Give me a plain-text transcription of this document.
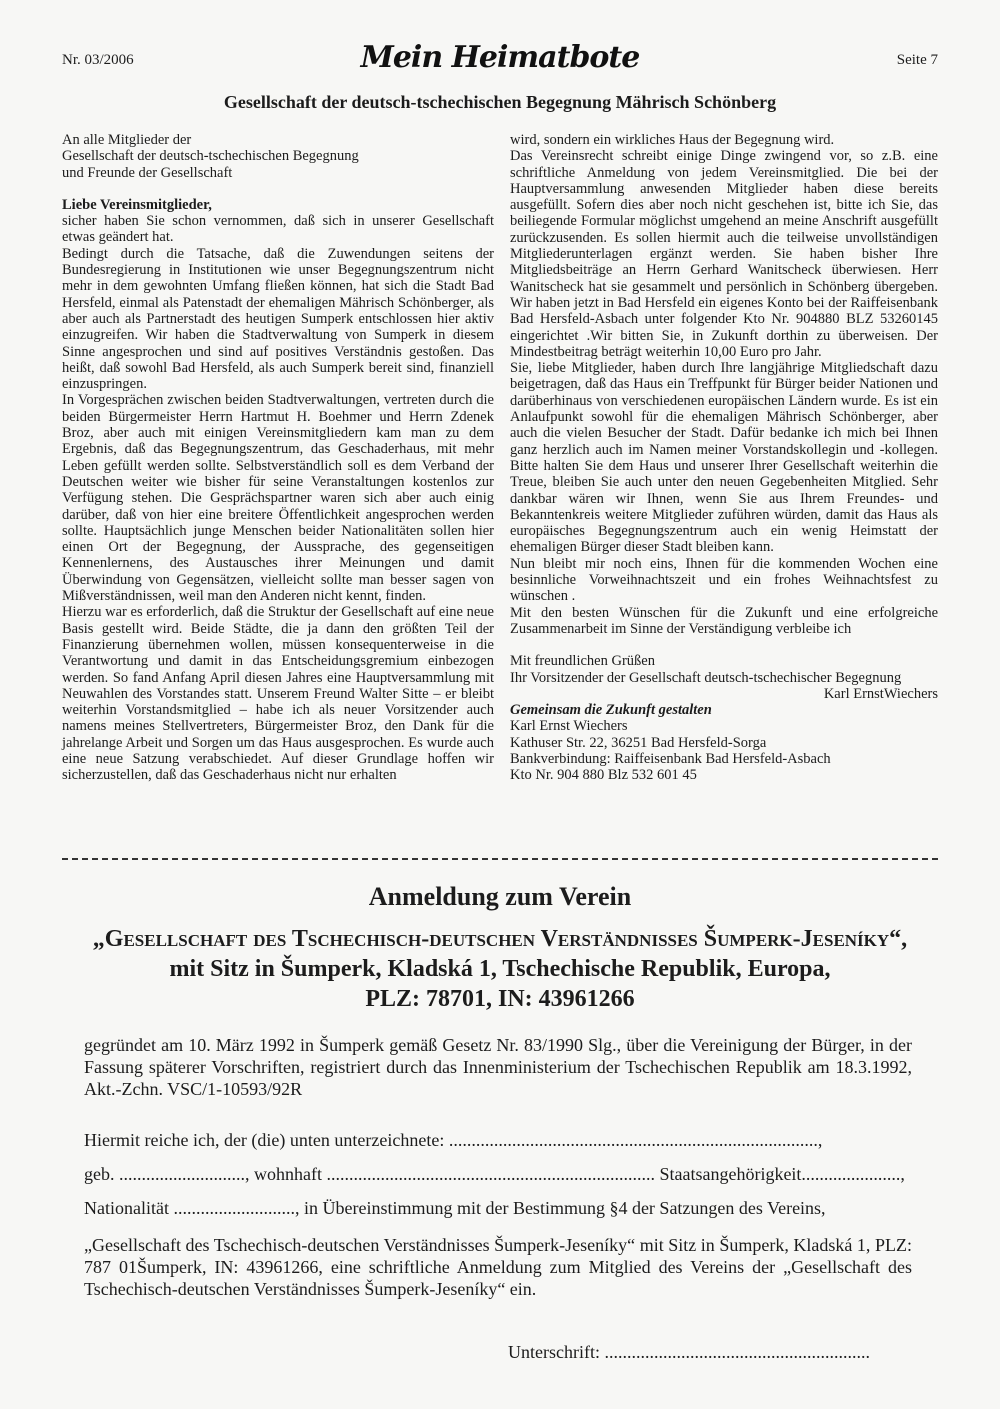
Nr. 03/2006	Mein Heimatbote	Seite 7
Gesellschaft der deutsch-tschechischen Begegnung Mährisch Schönberg

An alle Mitglieder der

Gesellschaft der deutsch-tschechischen Begegnung

und Freunde der Gesellschaft

Liebe Vereinsmitglieder,

sicher haben Sie schon vernommen, daß sich in unserer Gesellschaft etwas geändert hat.

Bedingt durch die Tatsache, daß die Zuwendungen seitens der Bundesregierung in Institutionen wie unser Begegnungszentrum nicht mehr in dem gewohnten Umfang fließen können, hat sich die Stadt Bad Hersfeld, einmal als Patenstadt der ehemaligen Mährisch Schönberger, als aber auch als Partnerstadt des heutigen Sumperk entschlossen hier aktiv einzugreifen. Wir haben die Stadtverwaltung von Sumperk in diesem Sinne angesprochen und sind auf positives Verständnis gestoßen. Das heißt, daß sowohl Bad Hersfeld, als auch Sumperk bereit sind, finanziell einzuspringen.

In Vorgesprächen zwischen beiden Stadtverwaltungen, vertreten durch die beiden Bürgermeister Herrn Hartmut H. Boehmer und Herrn Zdenek Broz, aber auch mit einigen Vereinsmitgliedern kam man zu dem Ergebnis, daß das Begegnungszentrum, das Geschaderhaus, mit mehr Leben gefüllt werden sollte. Selbstverständlich soll es dem Verband der Deutschen weiter wie bisher für seine Veranstaltungen kostenlos zur Verfügung stehen. Die Gesprächspartner waren sich aber auch einig darüber, daß von hier eine breitere Öffentlichkeit angesprochen werden sollte. Hauptsächlich junge Menschen beider Nationalitäten sollen hier einen Ort der Begegnung, der Aussprache, des gegenseitigen Kennenlernens, des Austausches ihrer Meinungen und damit Überwindung von Gegensätzen, vielleicht sollte man besser sagen von Mißverständnissen, weil man den Anderen nicht kennt, finden.

Hierzu war es erforderlich, daß die Struktur der Gesellschaft auf eine neue Basis gestellt wird. Beide Städte, die ja dann den größten Teil der Finanzierung übernehmen wollen, müssen konsequenterweise in die Verantwortung und damit in das Entscheidungsgremium einbezogen werden. So fand Anfang April diesen Jahres eine Hauptversammlung mit Neuwahlen des Vorstandes statt. Unserem Freund Walter Sitte – er bleibt weiterhin Vorstandsmitglied – habe ich als neuer Vorsitzender auch namens meines Stellvertreters, Bürgermeister Broz, den Dank für die jahrelange Arbeit und Sorgen um das Haus ausgesprochen. Es wurde auch eine neue Satzung verabschiedet. Auf dieser Grundlage hoffen wir sicherzustellen, daß das Geschaderhaus nicht nur erhalten

wird, sondern ein wirkliches Haus der Begegnung wird.

Das Vereinsrecht schreibt einige Dinge zwingend vor, so z.B. eine schriftliche Anmeldung von jedem Vereinsmitglied. Die bei der Hauptversammlung anwesenden Mitglieder haben diese bereits ausgefüllt. Sofern dies aber noch nicht geschehen ist, bitte ich Sie, das beiliegende Formular möglichst umgehend an meine Anschrift ausgefüllt zurückzusenden. Es sollen hiermit auch die teilweise unvollständigen Mitgliederunterlagen ergänzt werden. Sie haben bisher Ihre Mitgliedsbeiträge an Herrn Gerhard Wanitscheck überwiesen. Herr Wanitscheck hat sie gesammelt und persönlich in Schönberg übergeben. Wir haben jetzt in Bad Hersfeld ein eigenes Konto bei der Raiffeisenbank Bad Hersfeld-Asbach unter folgender Kto Nr. 904880 BLZ 53260145 eingerichtet .Wir bitten Sie, in Zukunft dorthin zu überweisen. Der Mindestbeitrag beträgt weiterhin 10,00 Euro pro Jahr.

Sie, liebe Mitglieder, haben durch Ihre langjährige Mitgliedschaft dazu beigetragen, daß das Haus ein Treffpunkt für Bürger beider Nationen und darüberhinaus von verschiedenen europäischen Ländern wurde. Es ist ein Anlaufpunkt sowohl für die ehemaligen Mährisch Schönberger, aber auch die vielen Besucher der Stadt. Dafür bedanke ich mich bei Ihnen ganz herzlich auch im Namen meiner Vorstandskollegin und -kollegen. Bitte halten Sie dem Haus und unserer Ihrer Gesellschaft weiterhin die Treue, bleiben Sie auch unter den neuen Gegebenheiten Mitglied. Sehr dankbar wären wir Ihnen, wenn Sie aus Ihrem Freundes- und Bekanntenkreis weitere Mitglieder zuführen würden, damit das Haus als europäisches Begegnungszentrum auch ein wenig Heimstatt der ehemaligen Bürger dieser Stadt bleiben kann.

Nun bleibt mir noch eins, Ihnen für die kommenden Wochen eine besinnliche Vorweihnachtszeit und ein frohes Weihnachtsfest zu wünschen .

Mit den besten Wünschen für die Zukunft und eine erfolgreiche Zusammenarbeit im Sinne der Verständigung verbleibe ich

Mit freundlichen Grüßen

Ihr Vorsitzender der Gesellschaft deutsch-tschechischer Begegnung

Karl ErnstWiechers

Gemeinsam die Zukunft gestalten

Karl Ernst Wiechers

Kathuser Str. 22, 36251 Bad Hersfeld-Sorga

Bankverbindung: Raiffeisenbank Bad Hersfeld-Asbach

Kto Nr. 904 880 Blz 532 601 45

Anmeldung zum Verein
„Gesellschaft des Tschechisch-deutschen Verständnisses Šumperk-Jeseníky“,
mit Sitz in Šumperk, Kladská 1, Tschechische Republik, Europa,
PLZ: 78701, IN: 43961266

gegründet am 10. März 1992 in Šumperk gemäß Gesetz Nr. 83/1990 Slg., über die Vereinigung der Bürger, in der Fassung späterer Vorschriften, registriert durch das Innenministerium der Tschechischen Republik am 18.3.1992, Akt.-Zchn. VSC/1-10593/92R

Hiermit reiche ich, der (die) unten unterzeichnete: ..................................................................................,
geb. ............................, wohnhaft ......................................................................... Staatsangehörigkeit......................,
Nationalität ..........................., in Übereinstimmung mit der Bestimmung §4 der Satzungen des Vereins,

„Gesellschaft des Tschechisch-deutschen Verständnisses Šumperk-Jeseníky“ mit Sitz in Šumperk, Kladská 1, PLZ: 787 01Šumperk, IN: 43961266, eine schriftliche Anmeldung zum Mitglied des Vereins der „Gesellschaft des Tschechisch-deutschen Verständnisses Šumperk-Jeseníky“ ein.

Unterschrift: ...........................................................
